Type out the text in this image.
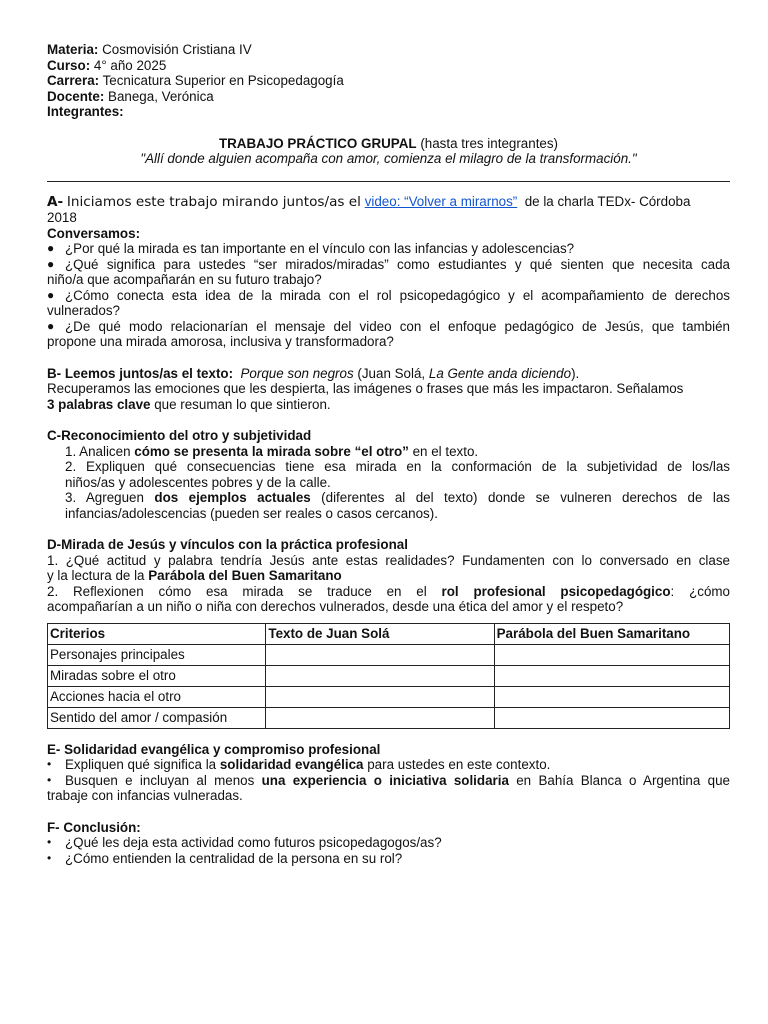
Materia: Cosmovisión Cristiana IV
Curso: 4° año 2025
Carrera: Tecnicatura Superior en Psicopedagogía
Docente: Banega, Verónica
Integrantes:
TRABAJO PRÁCTICO GRUPAL (hasta tres integrantes)
"Allí donde alguien acompaña con amor, comienza el milagro de la transformación."
A- Iniciamos este trabajo mirando juntos/as el video: “Volver a mirarnos” de la charla TEDx- Córdoba
2018
Conversamos:
● ¿Por qué la mirada es tan importante en el vínculo con las infancias y adolescencias?
● ¿Qué significa para ustedes “ser mirados/miradas” como estudiantes y qué sienten que necesita cada
niño/a que acompañarán en su futuro trabajo?
● ¿Cómo conecta esta idea de la mirada con el rol psicopedagógico y el acompañamiento de derechos
vulnerados?
● ¿De qué modo relacionarían el mensaje del video con el enfoque pedagógico de Jesús, que también
propone una mirada amorosa, inclusiva y transformadora?
B- Leemos juntos/as el texto: Porque son negros (Juan Solá, La Gente anda diciendo).
Recuperamos las emociones que les despierta, las imágenes o frases que más les impactaron. Señalamos
3 palabras clave que resuman lo que sintieron.
C-Reconocimiento del otro y subjetividad
1. Analicen cómo se presenta la mirada sobre “el otro” en el texto.
2. Expliquen qué consecuencias tiene esa mirada en la conformación de la subjetividad de los/las
niños/as y adolescentes pobres y de la calle.
3. Agreguen dos ejemplos actuales (diferentes al del texto) donde se vulneren derechos de las
infancias/adolescencias (pueden ser reales o casos cercanos).
D-Mirada de Jesús y vínculos con la práctica profesional
1. ¿Qué actitud y palabra tendría Jesús ante estas realidades? Fundamenten con lo conversado en clase
y la lectura de la Parábola del Buen Samaritano
2. Reflexionen cómo esa mirada se traduce en el rol profesional psicopedagógico: ¿cómo
acompañarían a un niño o niña con derechos vulnerados, desde una ética del amor y el respeto?
Criterios	Texto de Juan Solá	Parábola del Buen Samaritano
Personajes principales		
Miradas sobre el otro		
Acciones hacia el otro		
Sentido del amor / compasión		
E- Solidaridad evangélica y compromiso profesional
•	Expliquen qué significa la solidaridad evangélica para ustedes en este contexto.
•	Busquen e incluyan al menos una experiencia o iniciativa solidaria en Bahía Blanca o Argentina que
trabaje con infancias vulneradas.
F- Conclusión:
•	¿Qué les deja esta actividad como futuros psicopedagogos/as?
•	¿Cómo entienden la centralidad de la persona en su rol?
